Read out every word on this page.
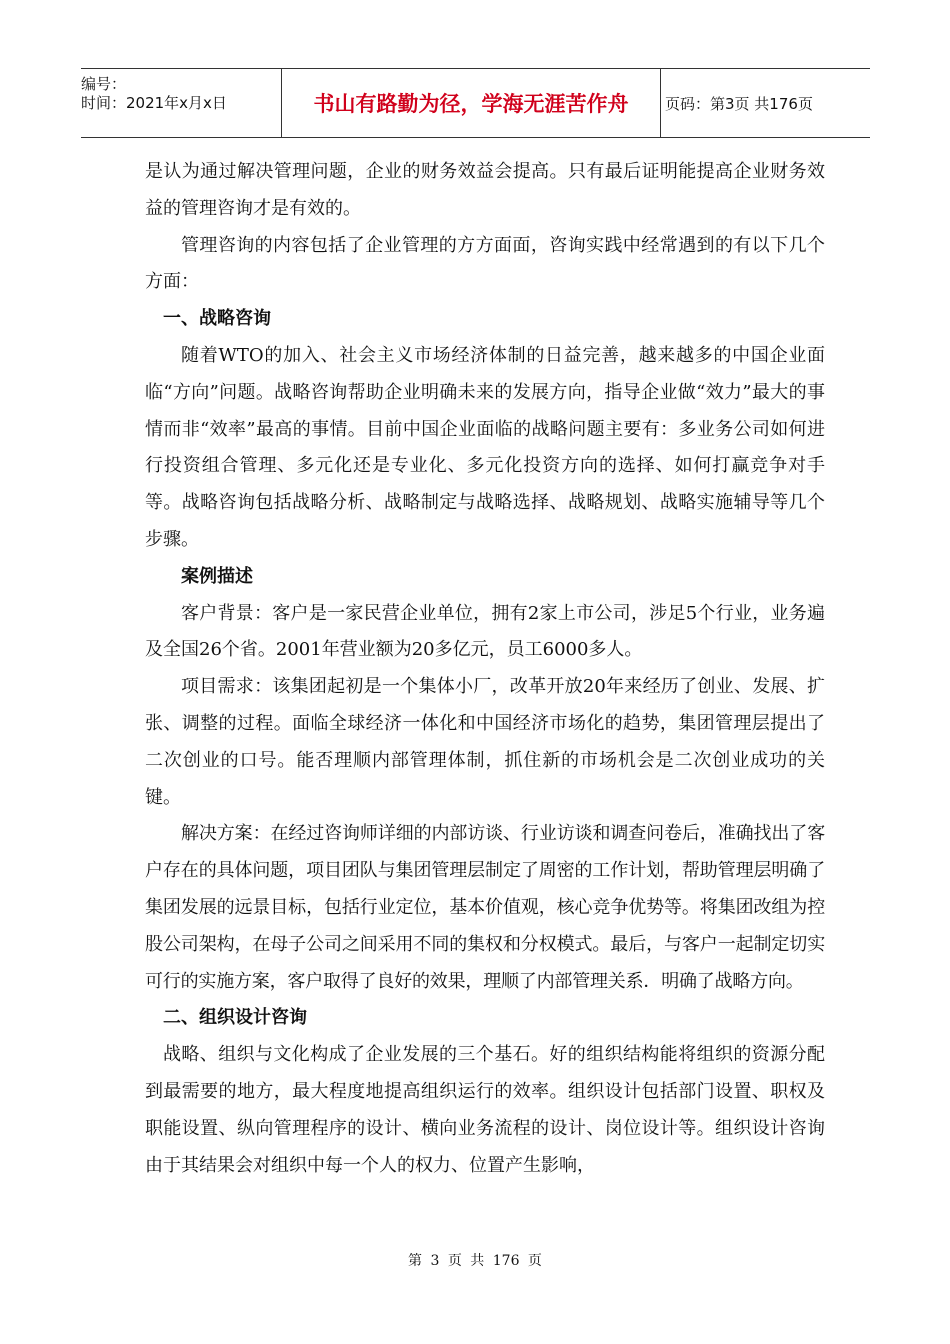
编号：
时间：2021年x月x日	书山有路勤为径，学海无涯苦作舟 页码：第3页 共176页

是认为通过解决管理问题，企业的财务效益会提高。只有最后证明能提高企业财务效益的管理咨询才是有效的。

管理咨询的内容包括了企业管理的方方面面，咨询实践中经常遇到的有以下几个方面：

一、战略咨询

随着WTO的加入、社会主义市场经济体制的日益完善，越来越多的中国企业面临“方向”问题。战略咨询帮助企业明确未来的发展方向，指导企业做“效力”最大的事情而非“效率”最高的事情。目前中国企业面临的战略问题主要有：多业务公司如何进行投资组合管理、多元化还是专业化、多元化投资方向的选择、如何打赢竞争对手等。战略咨询包括战略分析、战略制定与战略选择、战略规划、战略实施辅导等几个步骤。

案例描述

客户背景：客户是一家民营企业单位，拥有2家上市公司，涉足5个行业，业务遍及全国26个省。2001年营业额为20多亿元，员工6000多人。

项目需求：该集团起初是一个集体小厂，改革开放20年来经历了创业、发展、扩张、调整的过程。面临全球经济一体化和中国经济市场化的趋势，集团管理层提出了二次创业的口号。能否理顺内部管理体制，抓住新的市场机会是二次创业成功的关键。

解决方案：在经过咨询师详细的内部访谈、行业访谈和调查问卷后，准确找出了客户存在的具体问题，项目团队与集团管理层制定了周密的工作计划，帮助管理层明确了集团发展的远景目标，包括行业定位，基本价值观，核心竞争优势等。将集团改组为控股公司架构，在母子公司之间采用不同的集权和分权模式。最后，与客户一起制定切实可行的实施方案，客户取得了良好的效果，理顺了内部管理关系．明确了战略方向。

二、组织设计咨询

战略、组织与文化构成了企业发展的三个基石。好的组织结构能将组织的资源分配到最需要的地方，最大程度地提高组织运行的效率。组织设计包括部门设置、职权及职能设置、纵向管理程序的设计、横向业务流程的设计、岗位设计等。组织设计咨询由于其结果会对组织中每一个人的权力、位置产生影响，

第 3 页 共 176 页
